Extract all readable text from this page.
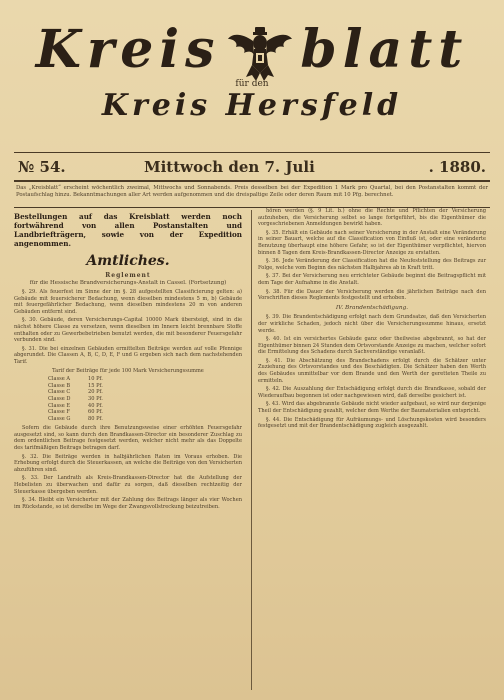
Kreis blatt
für den
Kreis Hersfeld
№ 54.	Mittwoch den 7. Juli	. 1880.
Das „Kreisblatt“ erscheint wöchentlich zweimal, Mittwochs und Sonnabends. Preis desselben bei der Expedition 1 Mark pro Quartal, bei den Postanstalten kommt der Postaufschlag hinzu. Bekanntmachungen aller Art werden aufgenommen und die dreispaltige Zeile oder deren Raum mit 10 Pfg. berechnet.
Bestellungen auf das Kreisblatt werden noch fortwährend von allen Postanstalten und Landbriefträgern, sowie von der Expedition angenommen.
Amtliches.
Reglement
für die Hessische Brandversicherungs-Anstalt in Cassel. (Fortsetzung)

§. 29. Als feuerfest im Sinne der im §. 28 aufgestellten Classificierung gelten: a) Gebäude mit feuersicherer Bedachung, wenn dieselben mindestens 5 m, b) Gebäude mit feuergefährlicher Bedachung, wenn dieselben mindestens 20 m von anderen Gebäuden entfernt sind.

§. 30. Gebäude, deren Versicherungs-Capital 10000 Mark übersteigt, sind in die nächst höhere Classe zu versetzen, wenn dieselben im Innern leicht brennbare Stoffe enthalten oder zu Gewerbebetrieben benutzt werden, die mit besonderer Feuersgefahr verbunden sind.

§. 31. Die bei einzelnen Gebäuden ermittelten Beiträge werden auf volle Pfennige abgerundet. Die Classen A, B, C, D, E, F und G ergeben sich nach dem nachstehenden Tarif.

Tarif der Beiträge für jede 100 Mark Versicherungssumme
Classe A	10 Pf.
Classe B	15 Pf.
Classe C	20 Pf.
Classe D	30 Pf.
Classe E	40 Pf.
Classe F	60 Pf.
Classe G	80 Pf.

Sofern die Gebäude durch ihre Benutzungsweise einer erhöhten Feuersgefahr ausgesetzt sind, so kann durch den Brandkassen-Director ein besonderer Zuschlag zu dem ordentlichen Beitrage festgesetzt werden, welcher nicht mehr als das Doppelte des tarifmäßigen Beitrags betragen darf.

§. 32. Die Beiträge werden in halbjährlichen Raten im Voraus erhoben. Die Erhebung erfolgt durch die Steuerkassen, an welche die Beiträge von den Versicherten abzuführen sind.

§. 33. Der Landrath als Kreis-Brandkassen-Director hat die Aufstellung der Hebelisten zu überwachen und dafür zu sorgen, daß dieselben rechtzeitig der Steuerkasse übergeben werden.

§. 34. Bleibt ein Versicherter mit der Zahlung des Beitrags länger als vier Wochen im Rückstande, so ist derselbe im Wege der Zwangsvollstreckung beizutreiben.

hören werden (§. 9 Lit. b.) ohne die Rechte und Pflichten der Versicherung aufzuheben, die Versicherung selbst so lange fortgeführt, bis die Eigenthümer die vorgeschriebenen Anmeldungen bewirkt haben.

§. 35. Erhält ein Gebäude nach seiner Versicherung in der Anstalt eine Veränderung in seiner Bauart, welche auf die Classification von Einfluß ist, oder eine veränderte Benutzung überhaupt eine höhere Gefahr, so ist der Eigenthümer verpflichtet, hiervon binnen 8 Tagen dem Kreis-Brandkassen-Director Anzeige zu erstatten.

§. 36. Jede Veränderung der Classification hat die Neufeststellung des Beitrags zur Folge, welche vom Beginn des nächsten Halbjahres ab in Kraft tritt.

§. 37. Bei der Versicherung neu errichteter Gebäude beginnt die Beitragspflicht mit dem Tage der Aufnahme in die Anstalt.

§. 38. Für die Dauer der Versicherung werden die jährlichen Beiträge nach den Vorschriften dieses Reglements festgestellt und erhoben.

IV. Brandentschädigung.

§. 39. Die Brandentschädigung erfolgt nach dem Grundsatze, daß den Versicherten der wirkliche Schaden, jedoch nicht über die Versicherungssumme hinaus, ersetzt werde.

§. 40. Ist ein versichertes Gebäude ganz oder theilweise abgebrannt, so hat der Eigenthümer binnen 24 Stunden dem Ortsvorstande Anzeige zu machen, welcher sofort die Ermittelung des Schadens durch Sachverständige veranlaßt.

§. 41. Die Abschätzung des Brandschadens erfolgt durch die Schätzer unter Zuziehung des Ortsvorstandes und des Beschädigten. Die Schätzer haben den Werth des Gebäudes unmittelbar vor dem Brande und den Werth der geretteten Theile zu ermitteln.

§. 42. Die Auszahlung der Entschädigung erfolgt durch die Brandkasse, sobald der Wiederaufbau begonnen ist oder nachgewiesen wird, daß derselbe gesichert ist.

§. 43. Wird das abgebrannte Gebäude nicht wieder aufgebaut, so wird nur derjenige Theil der Entschädigung gezahlt, welcher dem Werthe der Baumaterialien entspricht.

§. 44. Die Entschädigung für Aufräumungs- und Löschungskosten wird besonders festgesetzt und mit der Brandentschädigung zugleich ausgezahlt.
